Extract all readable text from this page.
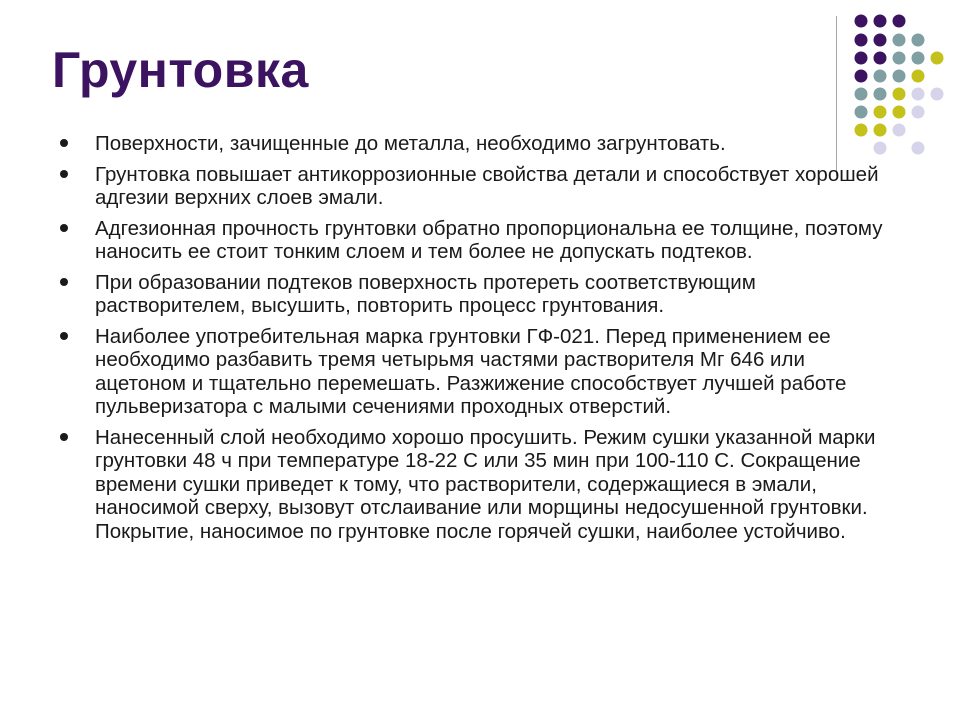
Грунтовка
Поверхности, зачищенные до металла, необходимо загрунтовать.
Грунтовка повышает антикоррозионные свойства детали и способствует хорошей адгезии верхних слоев эмали.
Адгезионная прочность грунтовки обратно пропорциональна ее толщине, поэтому наносить ее стоит тонким слоем и тем более не допускать подтеков.
При образовании подтеков поверхность протереть соответствующим растворителем, высушить, повторить процесс грунтования.
Наиболее употребительная марка грунтовки ГФ-021. Перед применением ее необходимо разбавить тремя четырьмя частями растворителя Мг 646 или ацетоном и тщательно перемешать. Разжижение способствует лучшей работе пульверизатора с малыми сечениями проходных отверстий.
Нанесенный слой необходимо хорошо просушить. Режим сушки указанной марки грунтовки 48 ч при температуре 18-22 С или 35 мин при 100-110 С. Сокращение времени сушки приведет к тому, что растворители, содержащиеся в эмали, наносимой сверху, вызовут отслаивание или морщины недосушенной грунтовки. Покрытие, наносимое по грунтовке после горячей сушки, наиболее устойчиво.
